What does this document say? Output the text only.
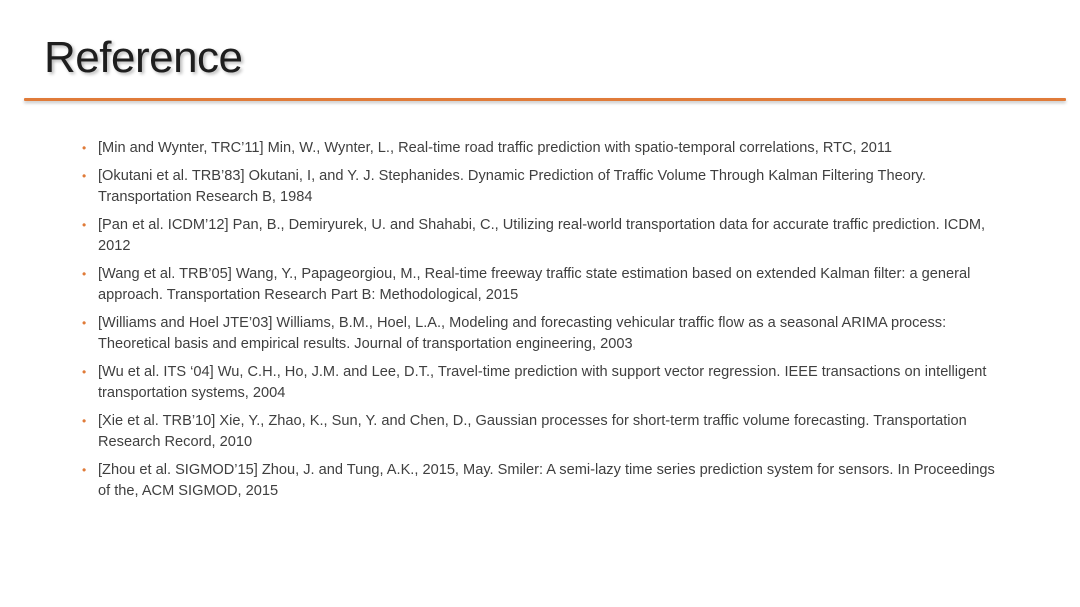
Reference
• [Min and Wynter, TRC’11] Min, W., Wynter, L., Real-time road traffic prediction with spatio-temporal correlations, RTC, 2011
• [Okutani et al. TRB’83] Okutani, I, and Y. J. Stephanides. Dynamic Prediction of Traffic Volume Through Kalman Filtering Theory. Transportation Research B, 1984
• [Pan et al. ICDM’12] Pan, B., Demiryurek, U. and Shahabi, C., Utilizing real-world transportation data for accurate traffic prediction. ICDM, 2012
• [Wang et al. TRB’05] Wang, Y., Papageorgiou, M., Real-time freeway traffic state estimation based on extended Kalman filter: a general approach. Transportation Research Part B: Methodological, 2015
• [Williams and Hoel JTE’03] Williams, B.M., Hoel, L.A., Modeling and forecasting vehicular traffic flow as a seasonal ARIMA process: Theoretical basis and empirical results. Journal of transportation engineering, 2003
• [Wu et al. ITS ‘04] Wu, C.H., Ho, J.M. and Lee, D.T., Travel-time prediction with support vector regression. IEEE transactions on intelligent transportation systems, 2004
• [Xie et al. TRB’10] Xie, Y., Zhao, K., Sun, Y. and Chen, D., Gaussian processes for short-term traffic volume forecasting. Transportation Research Record, 2010
• [Zhou et al. SIGMOD’15] Zhou, J. and Tung, A.K., 2015, May. Smiler: A semi-lazy time series prediction system for sensors. In Proceedings of the, ACM SIGMOD, 2015
